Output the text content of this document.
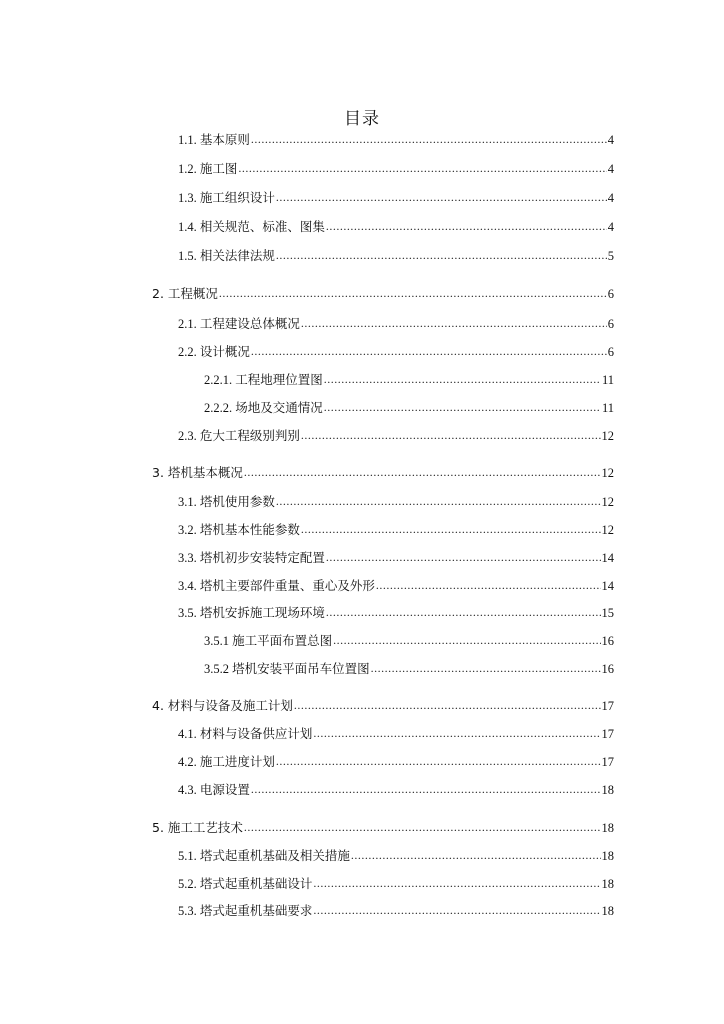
目录
1.1. 基本原则 .....	4
1.2. 施工图 .....	4
1.3. 施工组织设计 .....	4
1.4. 相关规范、标准、图集 .....	4
1.5. 相关法律法规 .....	5
2. 工程概况 .....	6
2.1. 工程建设总体概况 .....	6
2.2. 设计概况 .....	6
2.2.1. 工程地理位置图 .....	11
2.2.2. 场地及交通情况 .....	11
2.3. 危大工程级别判别 .....	12
3. 塔机基本概况 .....	12
3.1. 塔机使用参数 .....	12
3.2. 塔机基本性能参数 .....	12
3.3. 塔机初步安装特定配置 .....	14
3.4. 塔机主要部件重量、重心及外形 .....	14
3.5. 塔机安拆施工现场环境 .....	15
3.5.1 施工平面布置总图 .....	16
3.5.2 塔机安装平面吊车位置图 .....	16
4. 材料与设备及施工计划 .....	17
4.1. 材料与设备供应计划 .....	17
4.2. 施工进度计划 .....	17
4.3. 电源设置 .....	18
5. 施工工艺技术 .....	18
5.1. 塔式起重机基础及相关措施 .....	18
5.2. 塔式起重机基础设计 .....	18
5.3. 塔式起重机基础要求 .....	18
